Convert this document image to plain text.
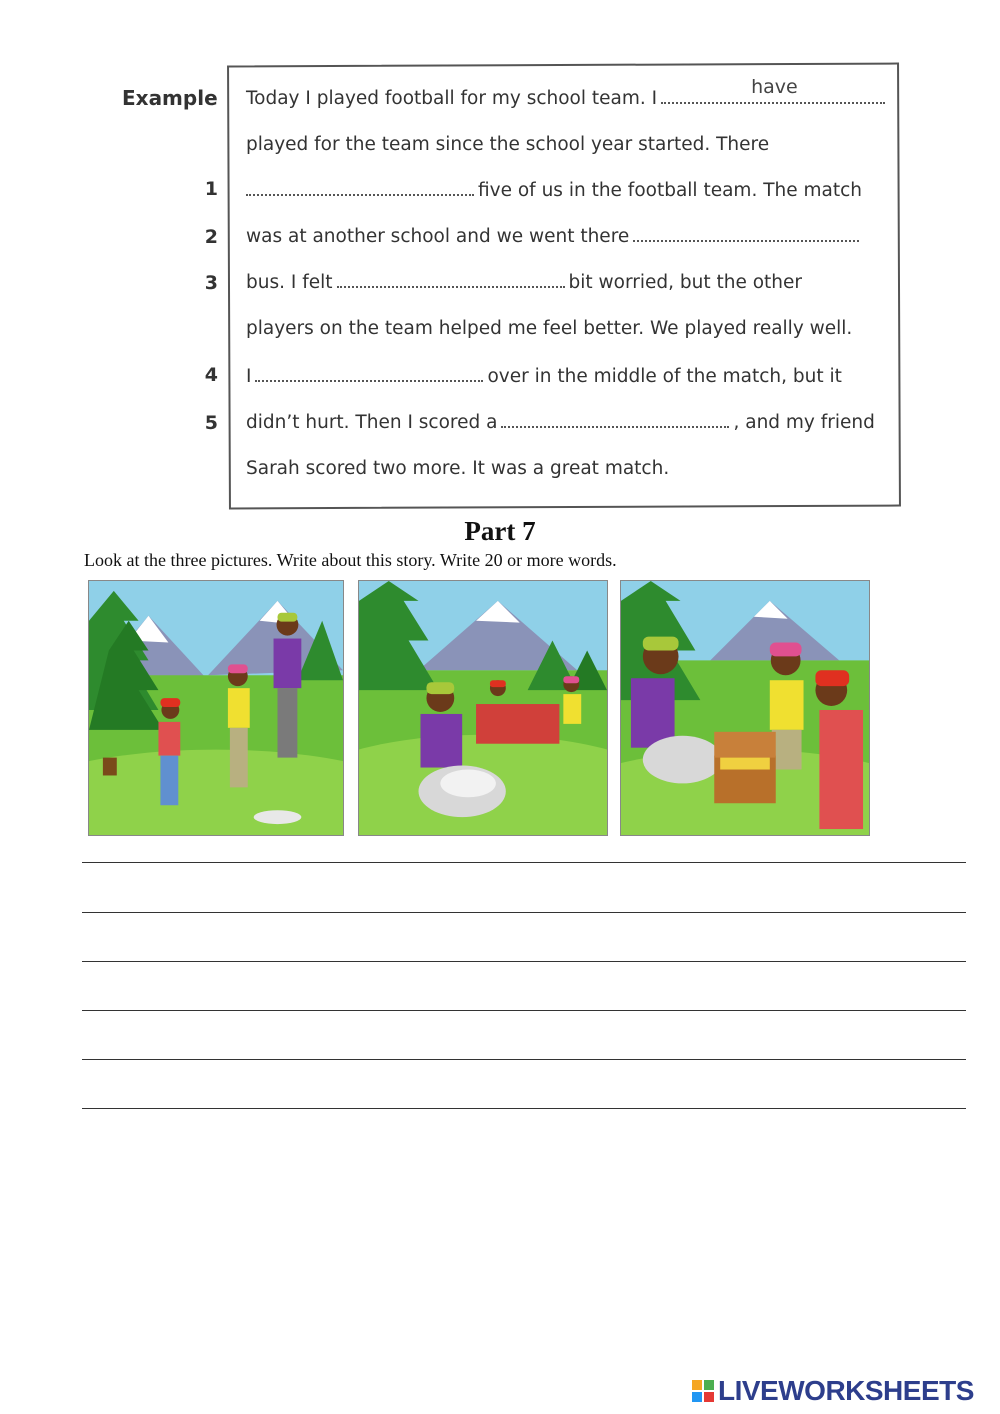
Example
1
2
3
4
5
Today I played football for my school team. I
have
played for the team since the school year started. There
five of us in the football team. The match
was at another school and we went there
bus. I felt	bit worried, but the other
players on the team helped me feel better. We played really well.
I	over in the middle of the match, but it
didn’t hurt. Then I scored a	, and my friend
Sarah scored two more. It was a great match.
Part 7
Look at the three pictures. Write about this story. Write 20 or more words.
LIVEWORKSHEETS
